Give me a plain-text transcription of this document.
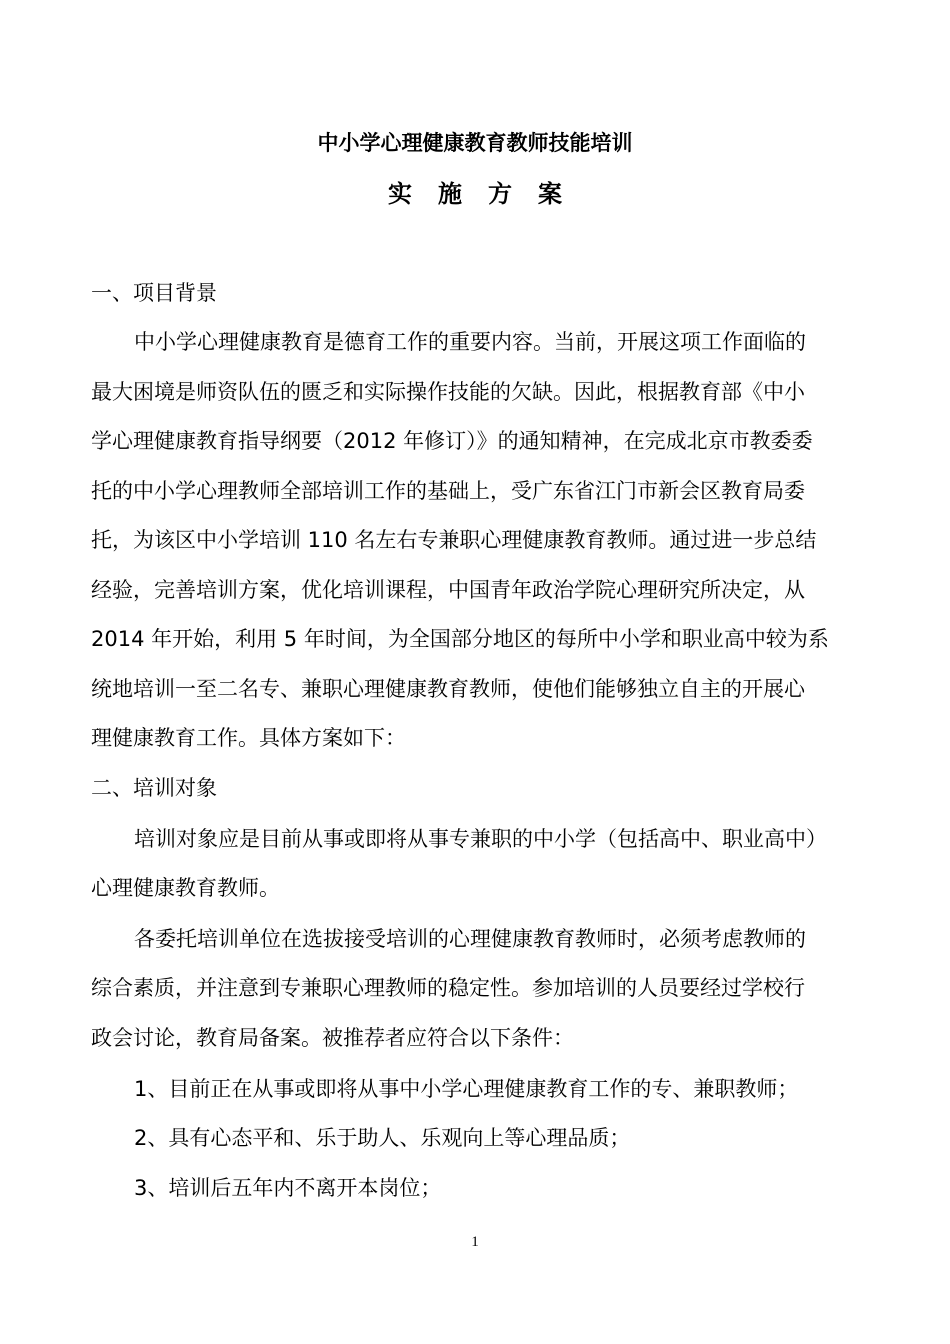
中小学心理健康教育教师技能培训
实施方案
一、项目背景
中小学心理健康教育是德育工作的重要内容。当前，开展这项工作面临的
最大困境是师资队伍的匮乏和实际操作技能的欠缺。因此，根据教育部《中小
学心理健康教育指导纲要（2012 年修订）》的通知精神，在完成北京市教委委
托的中小学心理教师全部培训工作的基础上，受广东省江门市新会区教育局委
托，为该区中小学培训 110 名左右专兼职心理健康教育教师。通过进一步总结
经验，完善培训方案，优化培训课程，中国青年政治学院心理研究所决定，从
2014 年开始，利用 5 年时间，为全国部分地区的每所中小学和职业高中较为系
统地培训一至二名专、兼职心理健康教育教师，使他们能够独立自主的开展心
理健康教育工作。具体方案如下：
二、培训对象
培训对象应是目前从事或即将从事专兼职的中小学（包括高中、职业高中）
心理健康教育教师。
各委托培训单位在选拔接受培训的心理健康教育教师时，必须考虑教师的
综合素质，并注意到专兼职心理教师的稳定性。参加培训的人员要经过学校行
政会讨论，教育局备案。被推荐者应符合以下条件：
1、目前正在从事或即将从事中小学心理健康教育工作的专、兼职教师；
2、具有心态平和、乐于助人、乐观向上等心理品质；
3、培训后五年内不离开本岗位；
1
